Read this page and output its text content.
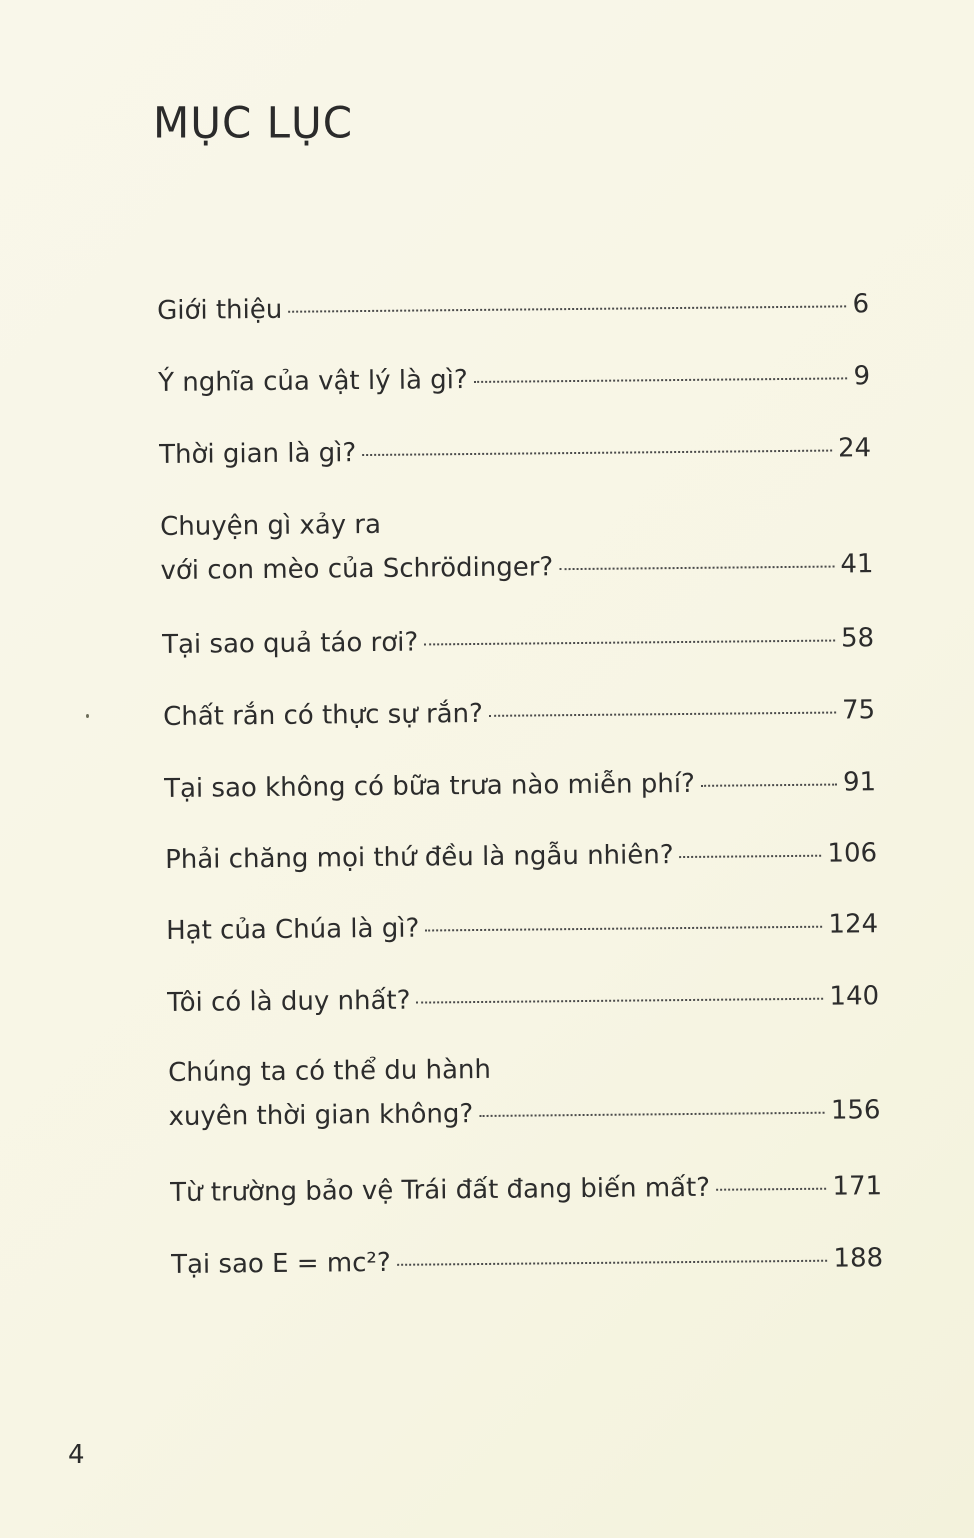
MỤC LỤC
Giới thiệu	6
Ý nghĩa của vật lý là gì?	9
Thời gian là gì?	24
Chuyện gì xảy ra
với con mèo của Schrödinger?	41
Tại sao quả táo rơi?	58
Chất rắn có thực sự rắn?	75
Tại sao không có bữa trưa nào miễn phí?	91
Phải chăng mọi thứ đều là ngẫu nhiên?	106
Hạt của Chúa là gì?	124
Tôi có là duy nhất?	140
Chúng ta có thể du hành
xuyên thời gian không?	156
Từ trường bảo vệ Trái đất đang biến mất?	171
Tại sao E = mc²?	188
4
